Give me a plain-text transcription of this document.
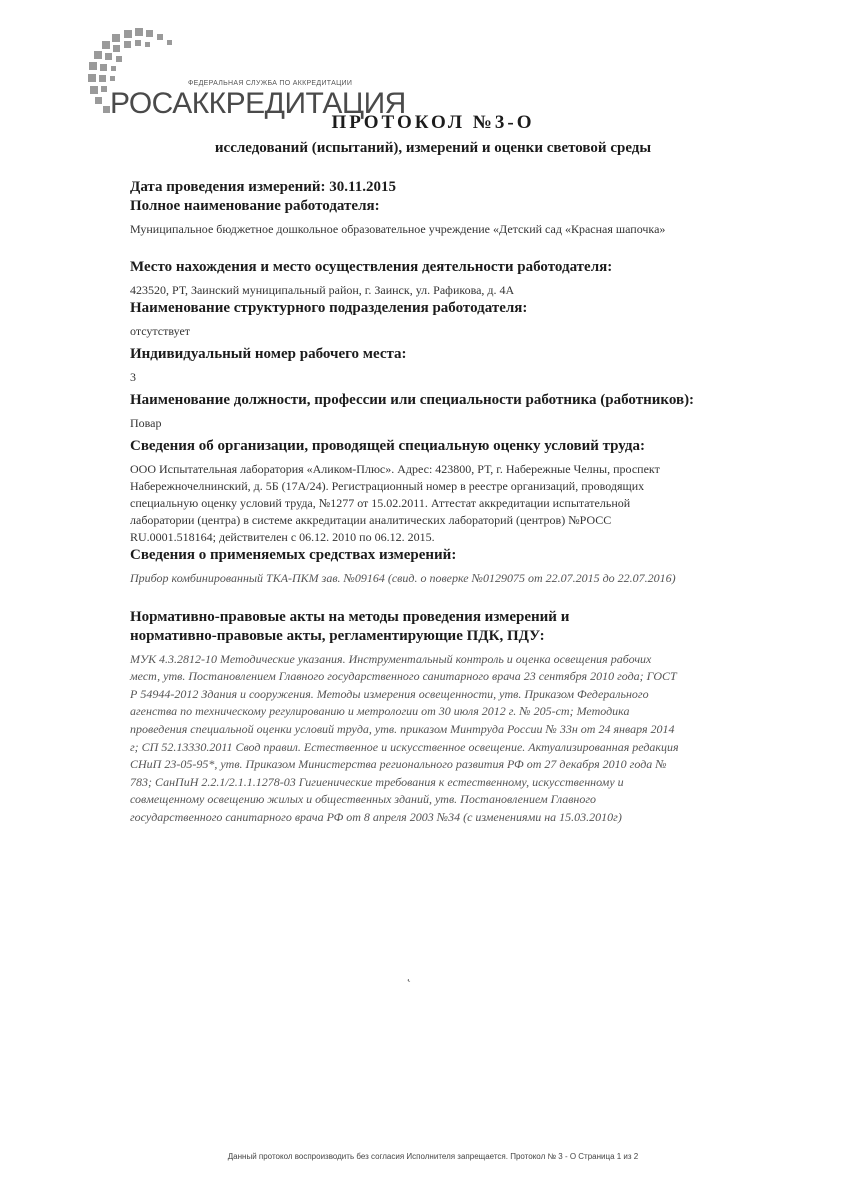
ФЕДЕРАЛЬНАЯ СЛУЖБА ПО АККРЕДИТАЦИИ
РОСАККРЕДИТАЦИЯ
ПРОТОКОЛ №3-О
исследований (испытаний), измерений и оценки световой среды

Дата проведения измерений: 30.11.2015

Полное наименование работодателя:

Муниципальное бюджетное дошкольное образовательное учреждение «Детский сад «Красная шапочка»

Место нахождения и место осуществления деятельности работодателя:

423520, РТ, Заинский муниципальный район, г. Заинск, ул. Рафикова, д. 4А

Наименование структурного подразделения работодателя:

отсутствует

Индивидуальный номер рабочего места:

3

Наименование должности, профессии или специальности работника (работников):

Повар

Сведения об организации, проводящей специальную оценку условий труда:

ООО Испытательная лаборатория «Аликом-Плюс». Адрес: 423800, РТ, г. Набережные Челны, проспект

Набережночелнинский, д. 5Б (17А/24). Регистрационный номер в реестре организаций, проводящих

специальную оценку условий труда, №1277 от 15.02.2011. Аттестат аккредитации испытательной

лаборатории (центра) в системе аккредитации аналитических лабораторий (центров) №РОСС

RU.0001.518164; действителен с 06.12. 2010 по 06.12. 2015.

Сведения о применяемых средствах измерений:

Прибор комбинированный ТКА-ПКМ зав. №09164 (свид. о поверке №0129075 от 22.07.2015 до 22.07.2016)

Нормативно-правовые акты на методы проведения измерений и

нормативно-правовые акты, регламентирующие ПДК, ПДУ:

МУК 4.3.2812-10 Методические указания. Инструментальный контроль и оценка освещения рабочих

мест, утв. Постановлением Главного государственного санитарного врача 23 сентября 2010 года; ГОСТ

Р 54944-2012 Здания и сооружения. Методы измерения освещенности, утв. Приказом Федерального

агенства по техническому регулированию и метрологии от 30 июля 2012 г. № 205-ст; Методика

проведения специальной оценки условий труда, утв. приказом Минтруда России № 33н от 24 января 2014

г; СП 52.13330.2011 Свод правил. Естественное и искусственное освещение. Актуализированная редакция

СНиП 23-05-95*, утв. Приказом Министерства регионального развития РФ от 27 декабря 2010 года №

783; СанПиН 2.2.1/2.1.1.1278-03 Гигиенические требования к естественному, искусственному и

совмещенному освещению жилых и общественных зданий, утв. Постановлением Главного

государственного санитарного врача РФ от 8 апреля 2003 №34 (с изменениями на 15.03.2010г)

˛
Данный протокол воспроизводить без согласия Исполнителя запрещается. Протокол № 3 - О Страница 1 из 2
